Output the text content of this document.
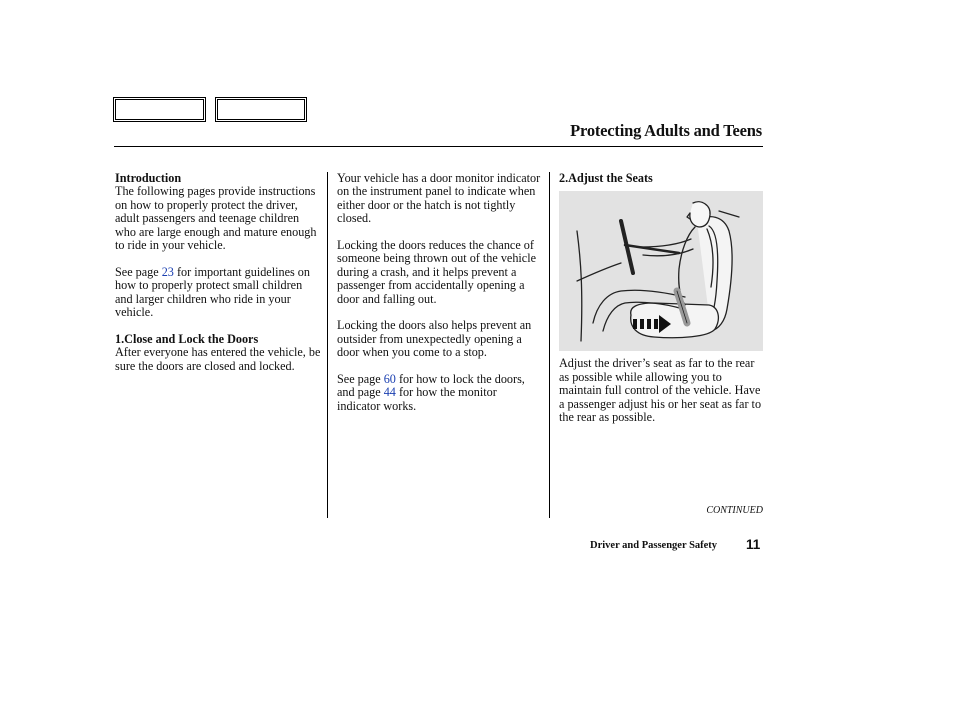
Protecting Adults and Teens

Introduction

The following pages provide instructions on how to properly protect the driver, adult passengers and teenage children who are large enough and mature enough to ride in your vehicle.

See page 23 for important guidelines on how to properly protect small children and larger children who ride in your vehicle.

1.Close and Lock the Doors

After everyone has entered the vehicle, be sure the doors are closed and locked.

Your vehicle has a door monitor indicator on the instrument panel to indicate when either door or the hatch is not tightly closed.

Locking the doors reduces the chance of someone being thrown out of the vehicle during a crash, and it helps prevent a passenger from accidentally opening a door and falling out.

Locking the doors also helps prevent an outsider from unexpectedly opening a door when you come to a stop.

See page 60 for how to lock the doors, and page 44 for how the monitor indicator works.

2.Adjust the Seats

Adjust the driver’s seat as far to the rear as possible while allowing you to maintain full control of the vehicle. Have a passenger adjust his or her seat as far to the rear as possible.

CONTINUED
Driver and Passenger Safety 11
